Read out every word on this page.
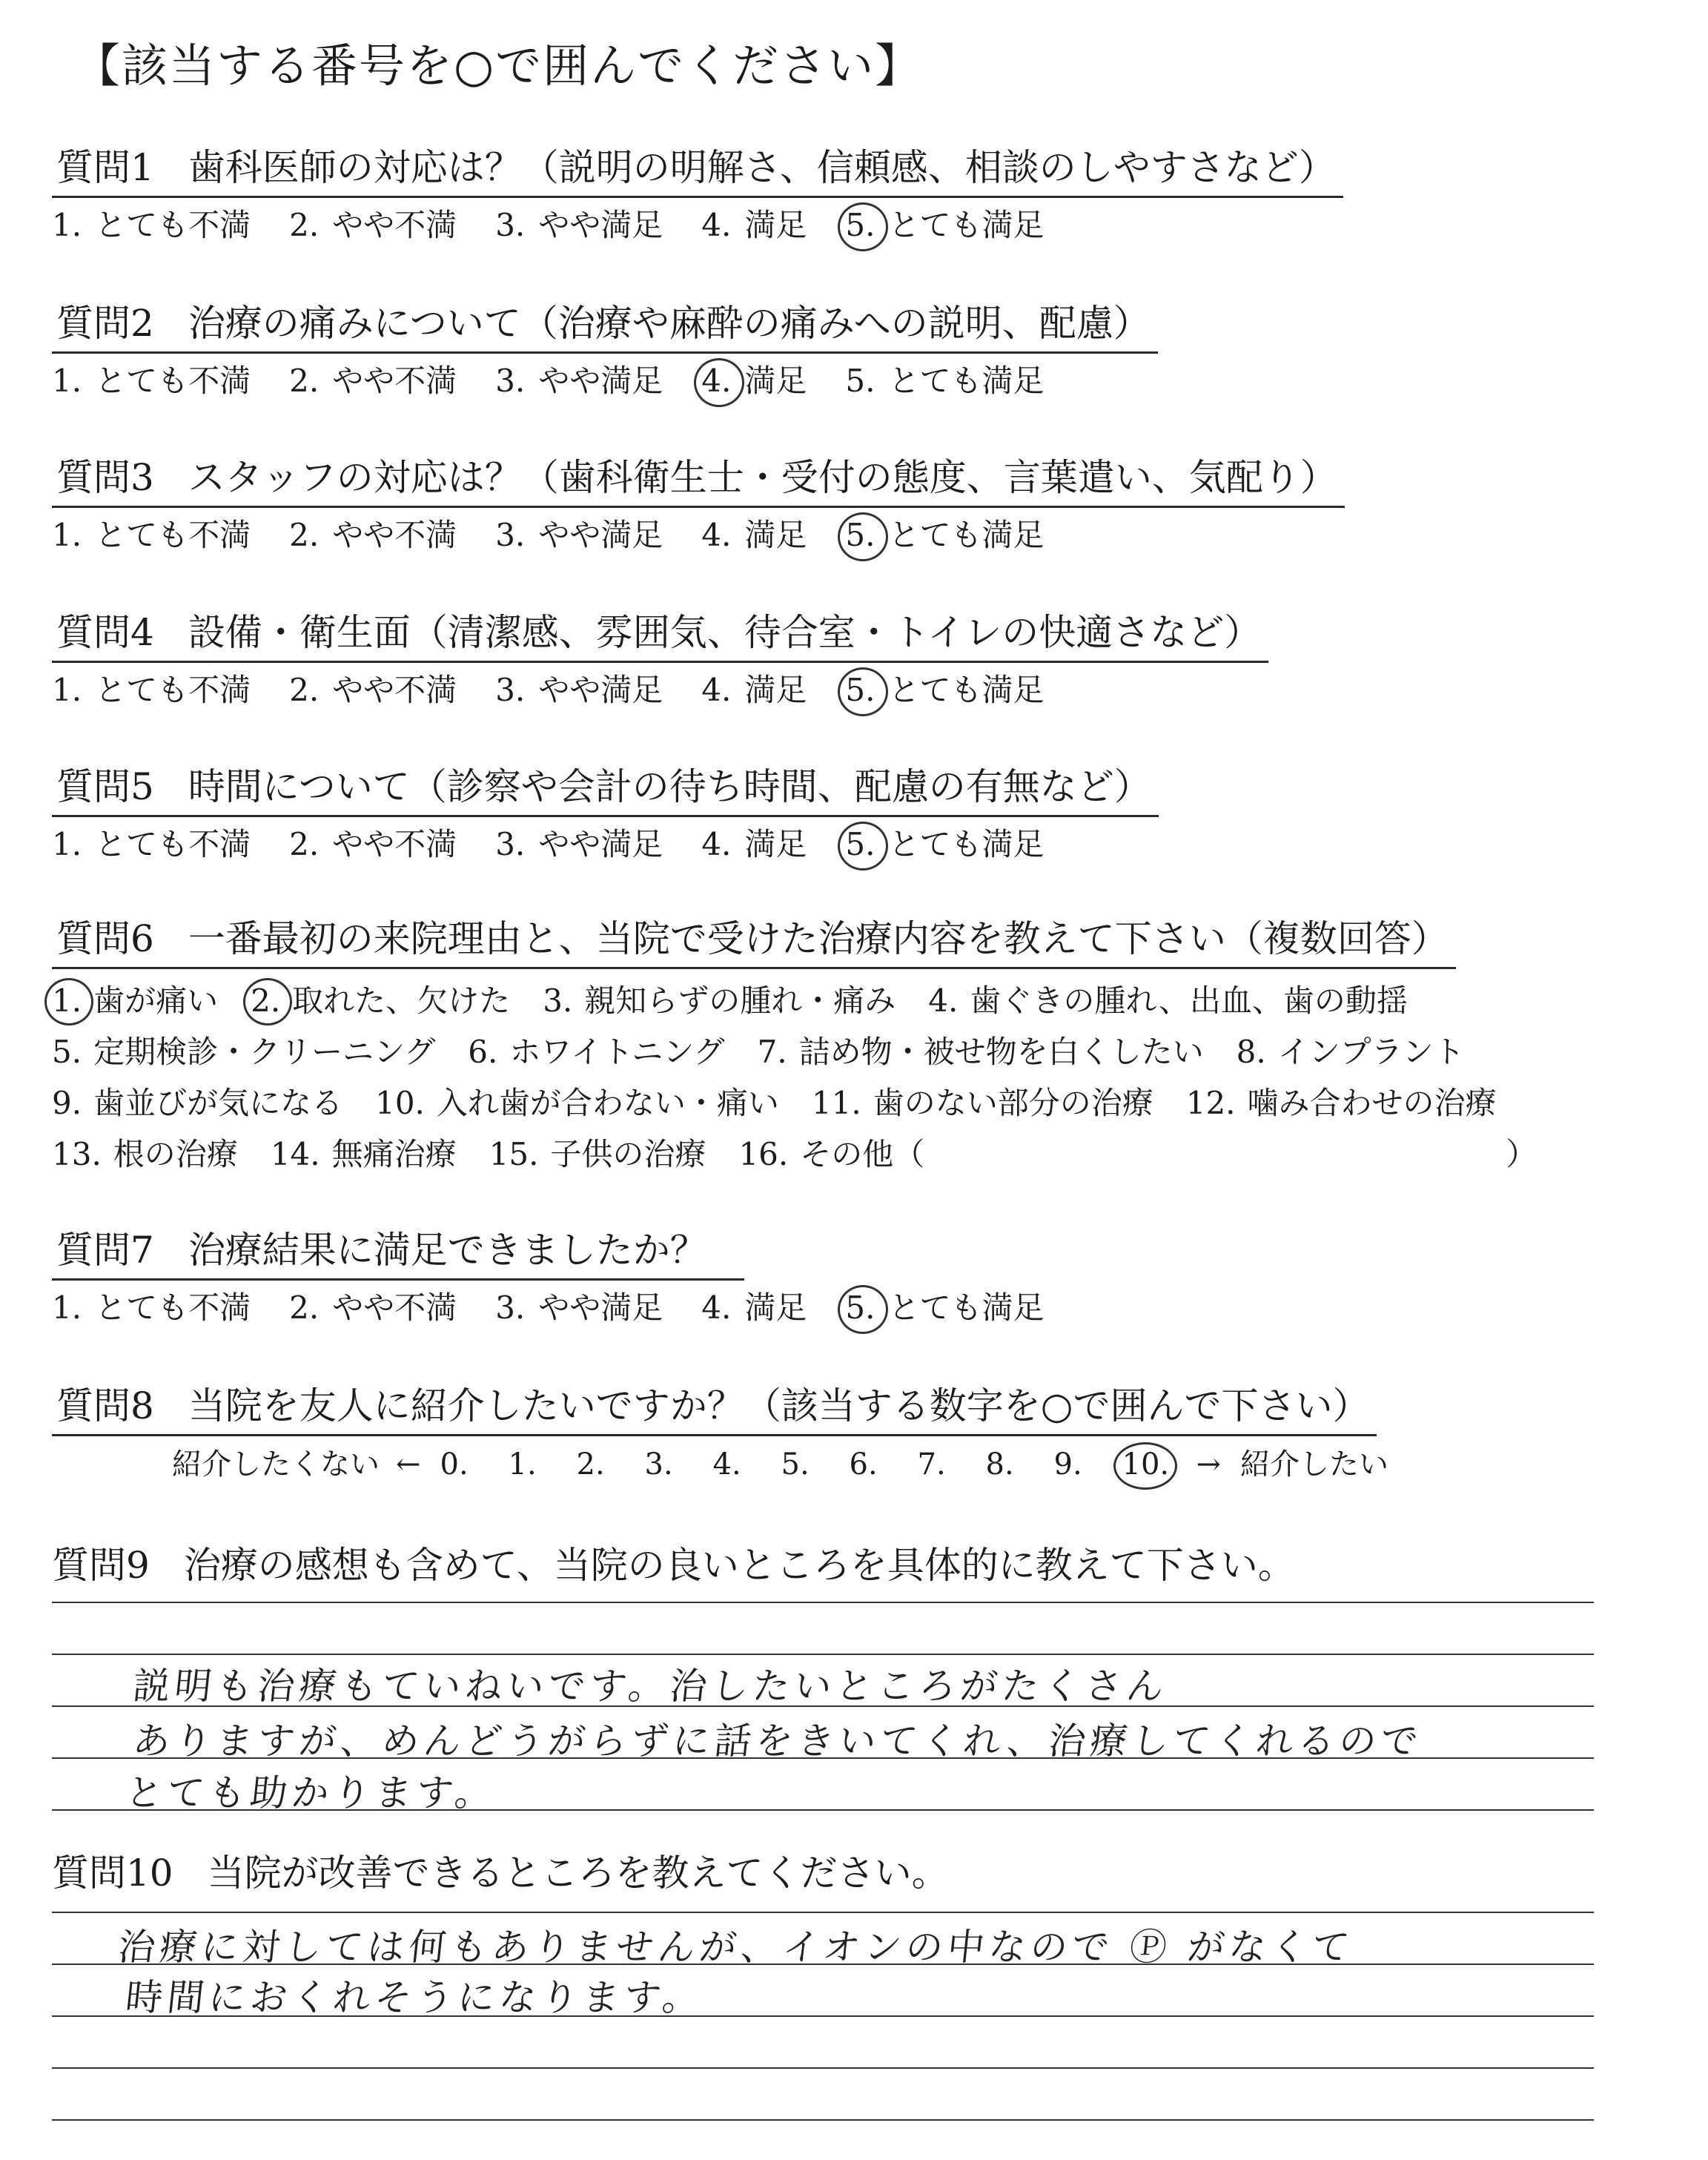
【該当する番号を○で囲んでください】
質問1 歯科医師の対応は？（説明の明解さ、信頼感、相談のしやすさなど）
1. とても不満 2. やや不満 3. やや満足 4. 満足 5. とても満足
質問2 治療の痛みについて（治療や麻酔の痛みへの説明、配慮）
1. とても不満 2. やや不満 3. やや満足 4. 満足 5. とても満足
質問3 スタッフの対応は？（歯科衛生士・受付の態度、言葉遣い、気配り）
1. とても不満 2. やや不満 3. やや満足 4. 満足 5. とても満足
質問4 設備・衛生面（清潔感、雰囲気、待合室・トイレの快適さなど）
1. とても不満 2. やや不満 3. やや満足 4. 満足 5. とても満足
質問5 時間について（診察や会計の待ち時間、配慮の有無など）
1. とても不満 2. やや不満 3. やや満足 4. 満足 5. とても満足
質問6 一番最初の来院理由と、当院で受けた治療内容を教えて下さい（複数回答）
1. 歯が痛い 2. 取れた、欠けた 3. 親知らずの腫れ・痛み 4. 歯ぐきの腫れ、出血、歯の動揺
5. 定期検診・クリーニング 6. ホワイトニング 7. 詰め物・被せ物を白くしたい 8. インプラント
9. 歯並びが気になる 10. 入れ歯が合わない・痛い 11. 歯のない部分の治療 12. 噛み合わせの治療
13. 根の治療 14. 無痛治療 15. 子供の治療 16. その他（	）
質問7 治療結果に満足できましたか？
1. とても不満 2. やや不満 3. やや満足 4. 満足 5. とても満足
質問8 当院を友人に紹介したいですか？（該当する数字を○で囲んで下さい）
紹介したくない ← 0.	1.	2.	3.	4.	5.	6.	7.	8.	9.	10. → 紹介したい
質問9 治療の感想も含めて、当院の良いところを具体的に教えて下さい。
説明も治療もていねいです。治したいところがたくさん
ありますが、めんどうがらずに話をきいてくれ、治療してくれるので
とても助かります。
質問10 当院が改善できるところを教えてください。
治療に対しては何もありませんが、イオンの中なので Ⓟ がなくて
時間におくれそうになります。
